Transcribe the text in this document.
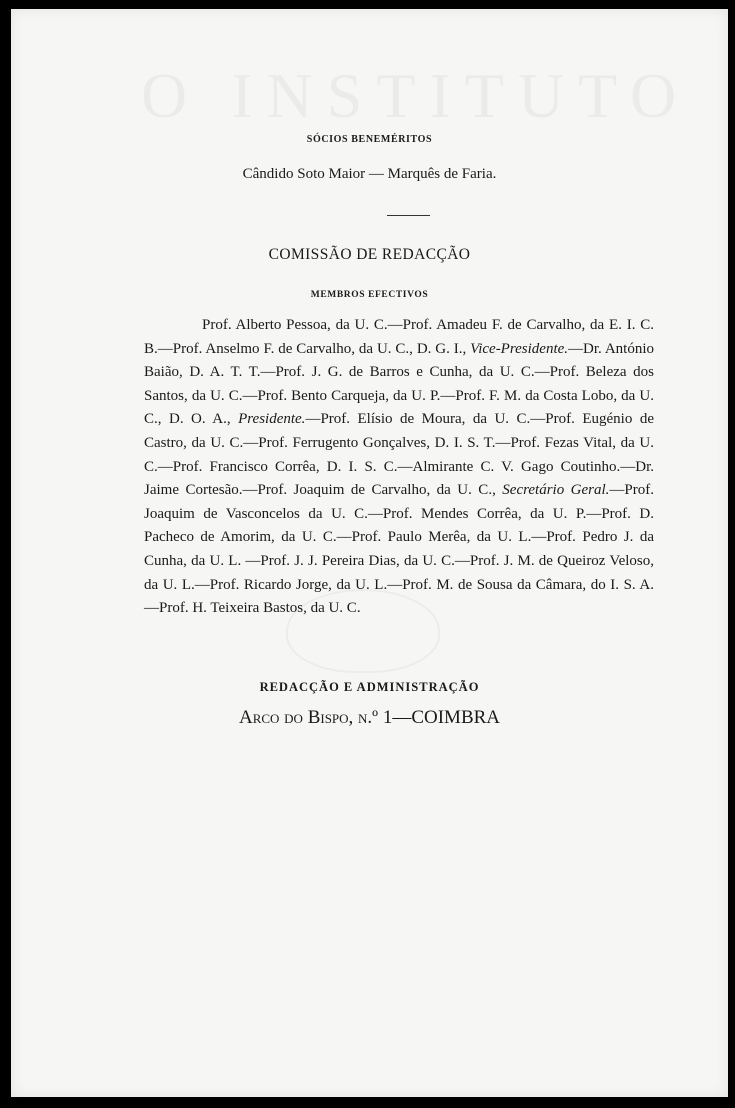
SÓCIOS BENEMÉRITOS
Cândido Soto Maior — Marquês de Faria.
COMISSÃO DE REDACÇÃO
MEMBROS EFECTIVOS
Prof. Alberto Pessoa, da U. C.—Prof. Amadeu F. de Carvalho, da E. I. C. B.—Prof. Anselmo F. de Carvalho, da U. C., D. G. I., Vice-Presidente.—Dr. António Baião, D. A. T. T.—Prof. J. G. de Barros e Cunha, da U. C.—Prof. Beleza dos Santos, da U. C.—Prof. Bento Carqueja, da U. P.—Prof. F. M. da Costa Lobo, da U. C., D. O. A., Presidente.—Prof. Elísio de Moura, da U. C.—Prof. Eugénio de Castro, da U. C.—Prof. Ferrugento Gonçalves, D. I. S. T.—Prof. Fezas Vital, da U. C.—Prof. Francisco Corrêa, D. I. S. C.—Almirante C. V. Gago Coutinho.—Dr. Jaime Cortesão.—Prof. Joaquim de Carvalho, da U. C., Secretário Geral.—Prof. Joaquim de Vasconcelos da U. C.—Prof. Mendes Corrêa, da U. P.—Prof. D. Pacheco de Amorim, da U. C.—Prof. Paulo Merêa, da U. L.—Prof. Pedro J. da Cunha, da U. L. —Prof. J. J. Pereira Dias, da U. C.—Prof. J. M. de Queiroz Veloso, da U. L.—Prof. Ricardo Jorge, da U. L.—Prof. M. de Sousa da Câmara, do I. S. A.—Prof. H. Teixeira Bastos, da U. C.
REDACÇÃO E ADMINISTRAÇÃO
Arco do Bispo, n.º 1—COIMBRA
